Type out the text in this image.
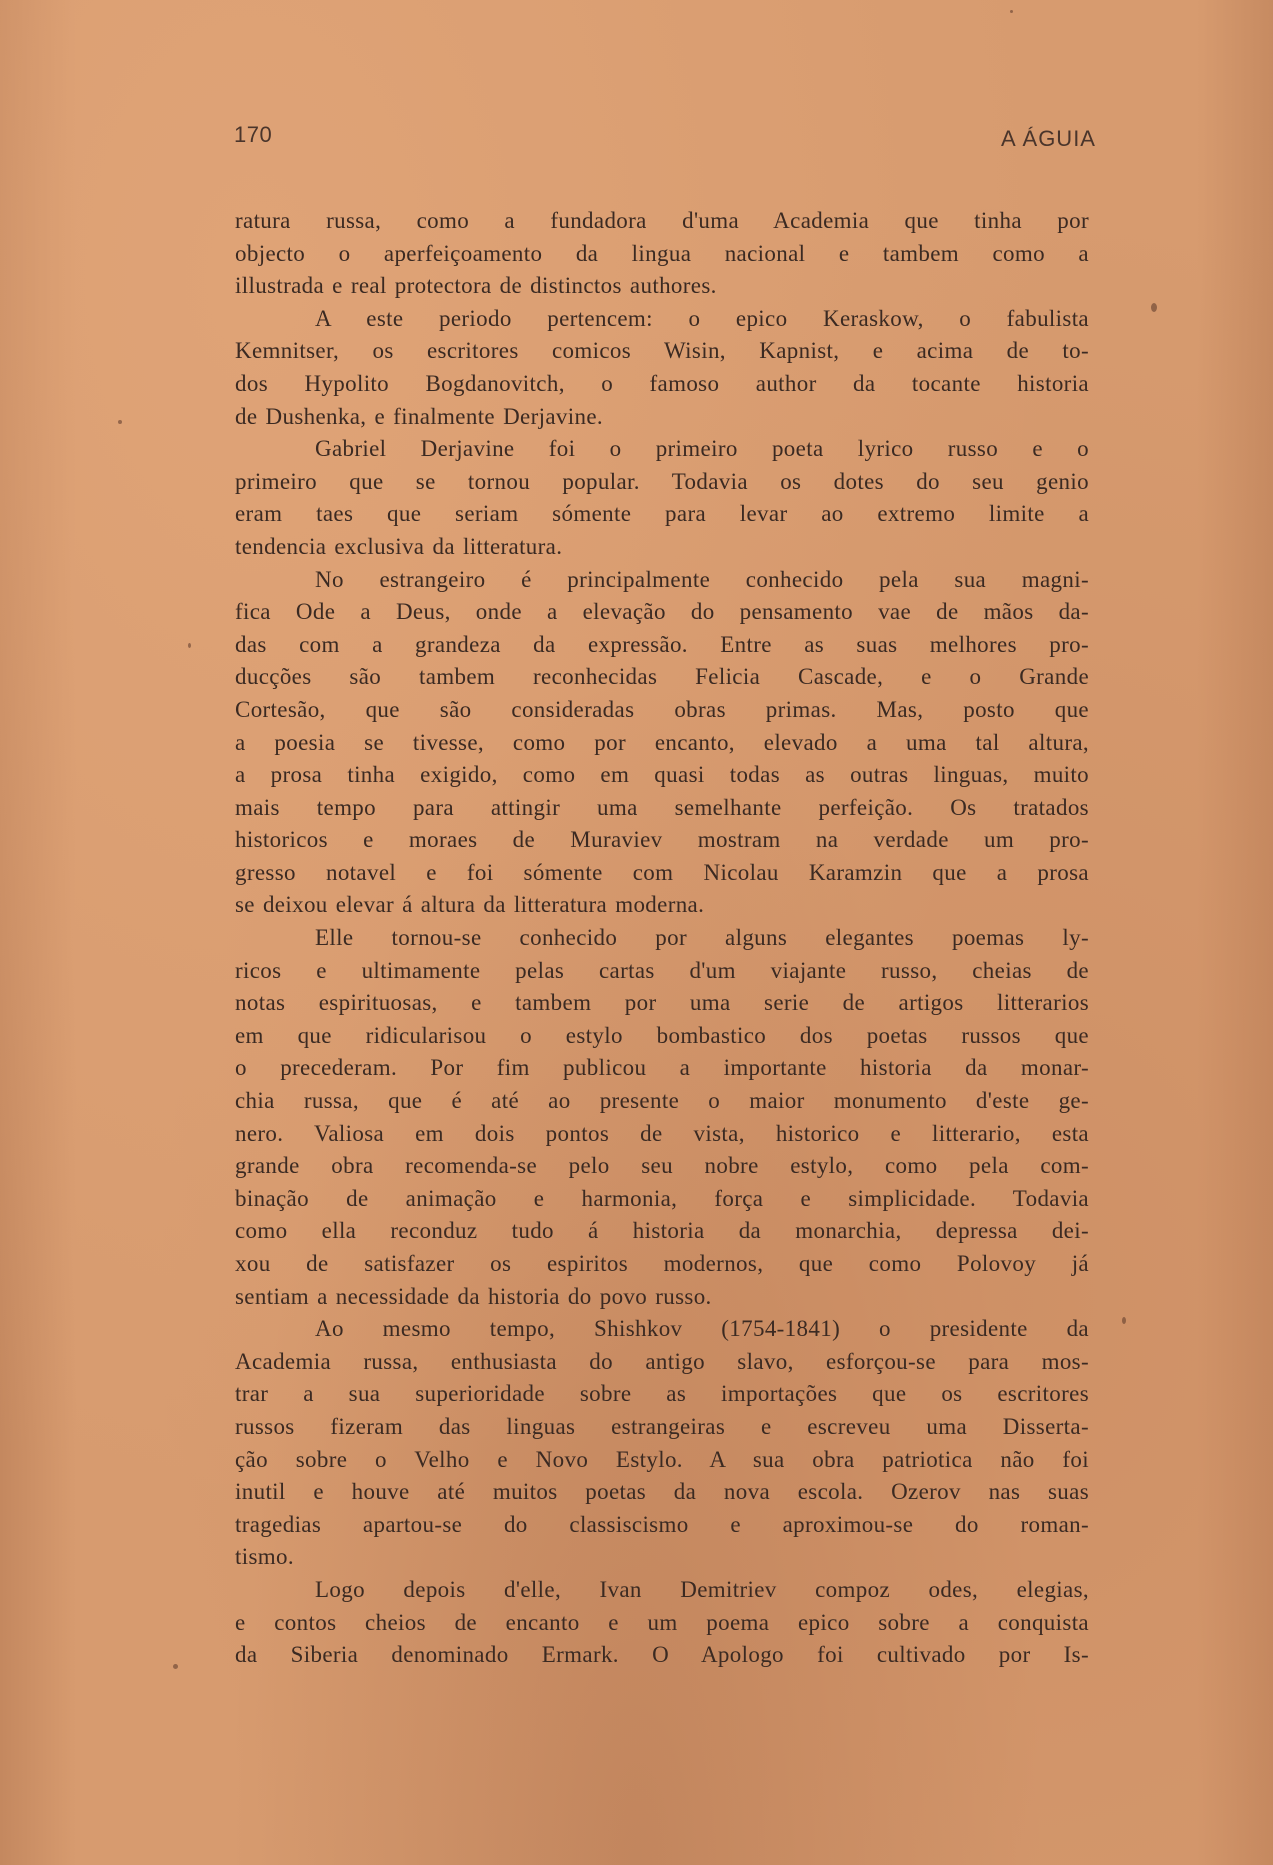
170	A ÁGUIA
ratura russa, como a fundadora d'uma Academia que tinha por
objecto o aperfeiçoamento da lingua nacional e tambem como a
illustrada e real protectora de distinctos authores.
A este periodo pertencem: o epico Keraskow, o fabulista
Kemnitser, os escritores comicos Wisin, Kapnist, e acima de to-
dos Hypolito Bogdanovitch, o famoso author da tocante historia
de Dushenka, e finalmente Derjavine.
Gabriel Derjavine foi o primeiro poeta lyrico russo e o
primeiro que se tornou popular. Todavia os dotes do seu genio
eram taes que seriam sómente para levar ao extremo limite a
tendencia exclusiva da litteratura.
No estrangeiro é principalmente conhecido pela sua magni-
fica Ode a Deus, onde a elevação do pensamento vae de mãos da-
das com a grandeza da expressão. Entre as suas melhores pro-
ducções são tambem reconhecidas Felicia Cascade, e o Grande
Cortesão, que são consideradas obras primas. Mas, posto que
a poesia se tivesse, como por encanto, elevado a uma tal altura,
a prosa tinha exigido, como em quasi todas as outras linguas, muito
mais tempo para attingir uma semelhante perfeição. Os tratados
historicos e moraes de Muraviev mostram na verdade um pro-
gresso notavel e foi sómente com Nicolau Karamzin que a prosa
se deixou elevar á altura da litteratura moderna.
Elle tornou-se conhecido por alguns elegantes poemas ly-
ricos e ultimamente pelas cartas d'um viajante russo, cheias de
notas espirituosas, e tambem por uma serie de artigos litterarios
em que ridicularisou o estylo bombastico dos poetas russos que
o precederam. Por fim publicou a importante historia da monar-
chia russa, que é até ao presente o maior monumento d'este ge-
nero. Valiosa em dois pontos de vista, historico e litterario, esta
grande obra recomenda-se pelo seu nobre estylo, como pela com-
binação de animação e harmonia, força e simplicidade. Todavia
como ella reconduz tudo á historia da monarchia, depressa dei-
xou de satisfazer os espiritos modernos, que como Polovoy já
sentiam a necessidade da historia do povo russo.
Ao mesmo tempo, Shishkov (1754-1841) o presidente da
Academia russa, enthusiasta do antigo slavo, esforçou-se para mos-
trar a sua superioridade sobre as importações que os escritores
russos fizeram das linguas estrangeiras e escreveu uma Disserta-
ção sobre o Velho e Novo Estylo. A sua obra patriotica não foi
inutil e houve até muitos poetas da nova escola. Ozerov nas suas
tragedias apartou-se do classiscismo e aproximou-se do roman-
tismo.
Logo depois d'elle, Ivan Demitriev compoz odes, elegias,
e contos cheios de encanto e um poema epico sobre a conquista
da Siberia denominado Ermark. O Apologo foi cultivado por Is-
